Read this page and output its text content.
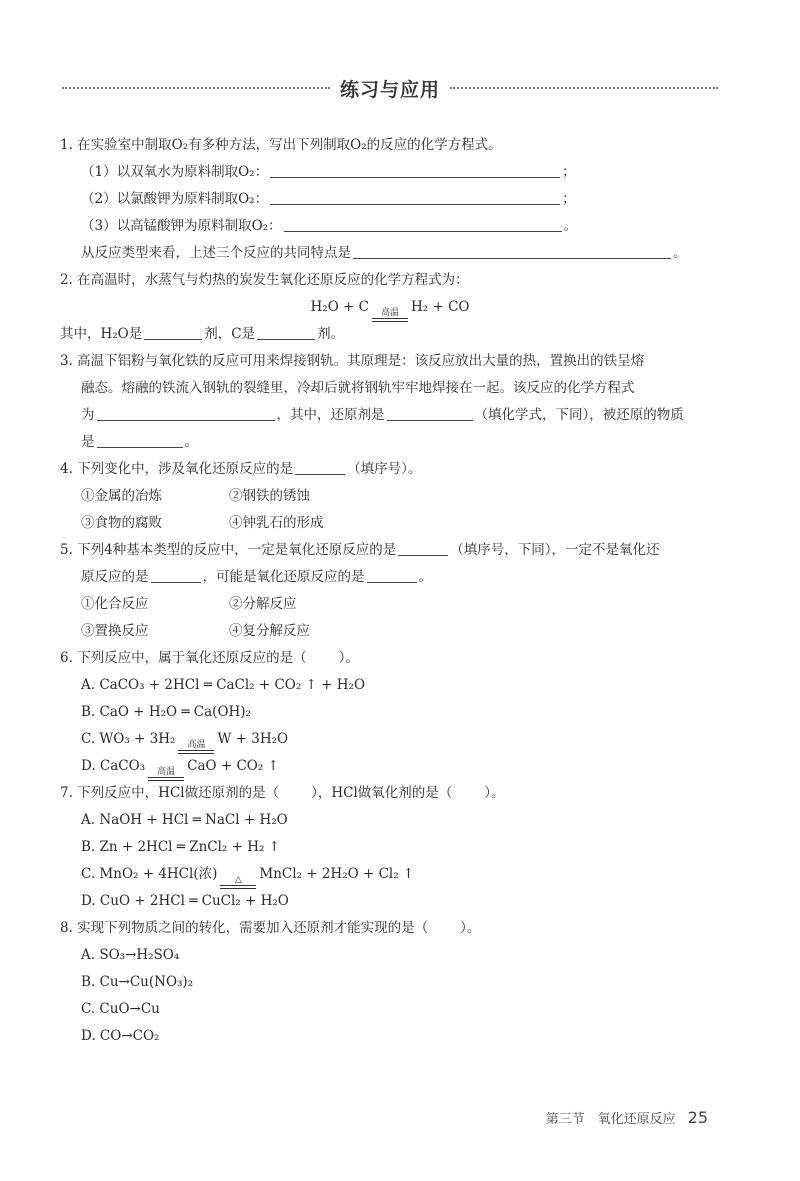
练习与应用
1. 在实验室中制取O₂有多种方法，写出下列制取O₂的反应的化学方程式。
（1）以双氧水为原料制取O₂：	；
（2）以氯酸钾为原料制取O₂：	；
（3）以高锰酸钾为原料制取O₂：	。
从反应类型来看，上述三个反应的共同特点是	。
2. 在高温时，水蒸气与灼热的炭发生氧化还原反应的化学方程式为：
H₂O + C 高温 H₂ + CO
其中，H₂O是	剂，C是	剂。
3. 高温下铝粉与氧化铁的反应可用来焊接钢轨。其原理是：该反应放出大量的热，置换出的铁呈熔
融态。熔融的铁流入钢轨的裂缝里，冷却后就将钢轨牢牢地焊接在一起。该反应的化学方程式
为	，其中，还原剂是	（填化学式，下同），被还原的物质
是	。
4. 下列变化中，涉及氧化还原反应的是	（填序号）。
①金属的冶炼	②钢铁的锈蚀
③食物的腐败	④钟乳石的形成
5. 下列4种基本类型的反应中，一定是氧化还原反应的是	（填序号，下同），一定不是氧化还
原反应的是	，可能是氧化还原反应的是	。
①化合反应	②分解反应
③置换反应	④复分解反应
6. 下列反应中，属于氧化还原反应的是（ ）。
A. CaCO₃ + 2HCl ═ CaCl₂ + CO₂ ↑ + H₂O
B. CaO + H₂O ═ Ca(OH)₂
C. WO₃ + 3H₂ 高温 W + 3H₂O
D. CaCO₃ 高温 CaO + CO₂ ↑
7. 下列反应中，HCl做还原剂的是（ ），HCl做氧化剂的是（ ）。
A. NaOH + HCl ═ NaCl + H₂O
B. Zn + 2HCl ═ ZnCl₂ + H₂ ↑
C. MnO₂ + 4HCl(浓) △ MnCl₂ + 2H₂O + Cl₂ ↑
D. CuO + 2HCl ═ CuCl₂ + H₂O
8. 实现下列物质之间的转化，需要加入还原剂才能实现的是（ ）。
A. SO₃→H₂SO₄
B. Cu→Cu(NO₃)₂
C. CuO→Cu
D. CO→CO₂
第三节　氧化还原反应 25
